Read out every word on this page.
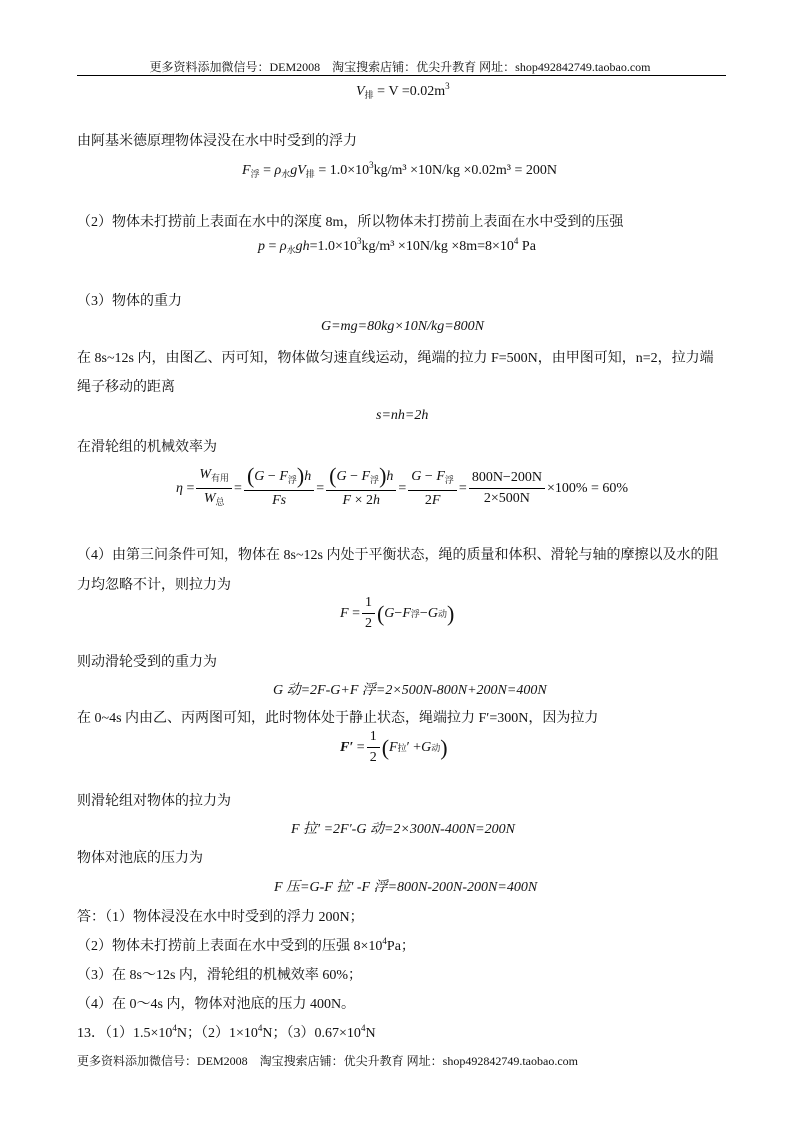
更多资料添加微信号：DEM2008　淘宝搜索店铺：优尖升教育 网址：shop492842749.taobao.com
$V_排 = V =0.02m^3$
由阿基米德原理物体浸没在水中时受到的浮力
$F_浮 = \rho_水gV_排 = 1.0\times 10^3kg/m^3 \times 10N/kg \times 0.02m^3 = 200N$
（2）物体未打捞前上表面在水中的深度 8m，所以物体未打捞前上表面在水中受到的压强
$p = \rho_水gh=1.0\times 10^3kg/m^3 \times 10N/kg \times 8m=8\times 10^4$ Pa
（3）物体的重力
G=mg=80kg×10N/kg=800N
在 8s~12s 内，由图乙、丙可知，物体做匀速直线运动，绳端的拉力 F=500N，由甲图可知，n=2，拉力端
绳子移动的距离
s=nh=2h
在滑轮组的机械效率为
$\eta = \frac{W_{有用}}{W_总} = \frac{(G - F_浮)h}{Fs} = \frac{(G - F_浮)h}{F \times 2h} = \frac{G - F_浮}{2F} = \frac{800N-200N}{2\times 500N} \times 100\% = 60\%$
（4）由第三问条件可知，物体在 8s~12s 内处于平衡状态，绳的质量和体积、滑轮与轴的摩擦以及水的阻
力均忽略不计，则拉力为
$F = \frac{1}{2}$ ( G − F 浮 − G 动 )
则动滑轮受到的重力为
G 动=2F-G+F 浮=2×500N-800N+200N=400N
在 0~4s 内由乙、丙两图可知，此时物体处于静止状态，绳端拉力 F′=300N，因为拉力
$F' = \frac{1}{2}$ ( F 拉 ′ + G 动 )
则滑轮组对物体的拉力为
F 拉′ =2F′-G 动=2×300N-400N=200N
物体对池底的压力为
F 压=G-F 拉′ -F 浮=800N-200N-200N=400N
答：（1）物体浸没在水中时受到的浮力 200N；
（2）物体未打捞前上表面在水中受到的压强 $8\times 10^4Pa$；
（3）在 8s～12s 内，滑轮组的机械效率 60%；
（4）在 0～4s 内，物体对池底的压力 400N。
13．$(1)1.5\times 10^4N$；$(2)1\times 10^4N$；$(3)0.67\times 10^4N$
更多资料添加微信号：DEM2008　淘宝搜索店铺：优尖升教育 网址：shop492842749.taobao.com
